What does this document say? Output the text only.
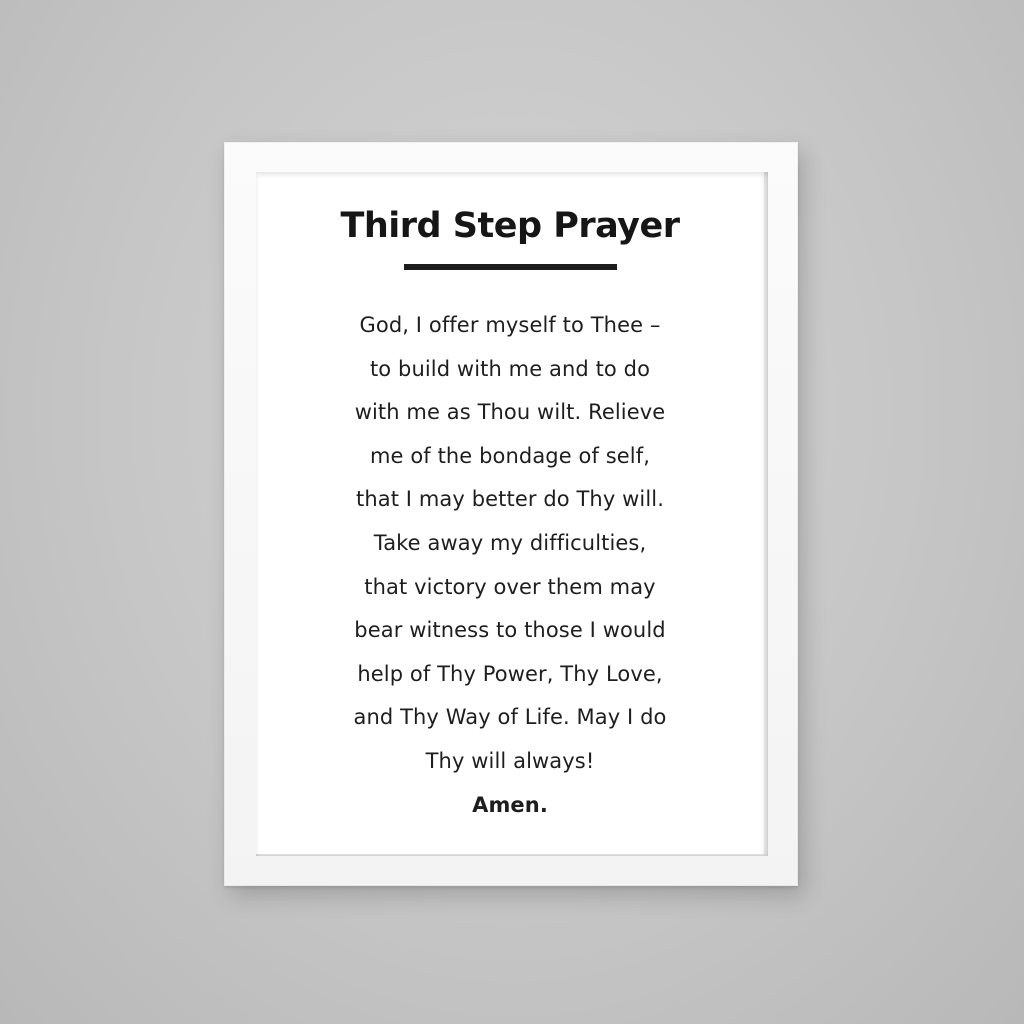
Third Step Prayer
God, I offer myself to Thee –
to build with me and to do
with me as Thou wilt. Relieve
me of the bondage of self,
that I may better do Thy will.
Take away my difficulties,
that victory over them may
bear witness to those I would
help of Thy Power, Thy Love,
and Thy Way of Life. May I do
Thy will always!
Amen.
